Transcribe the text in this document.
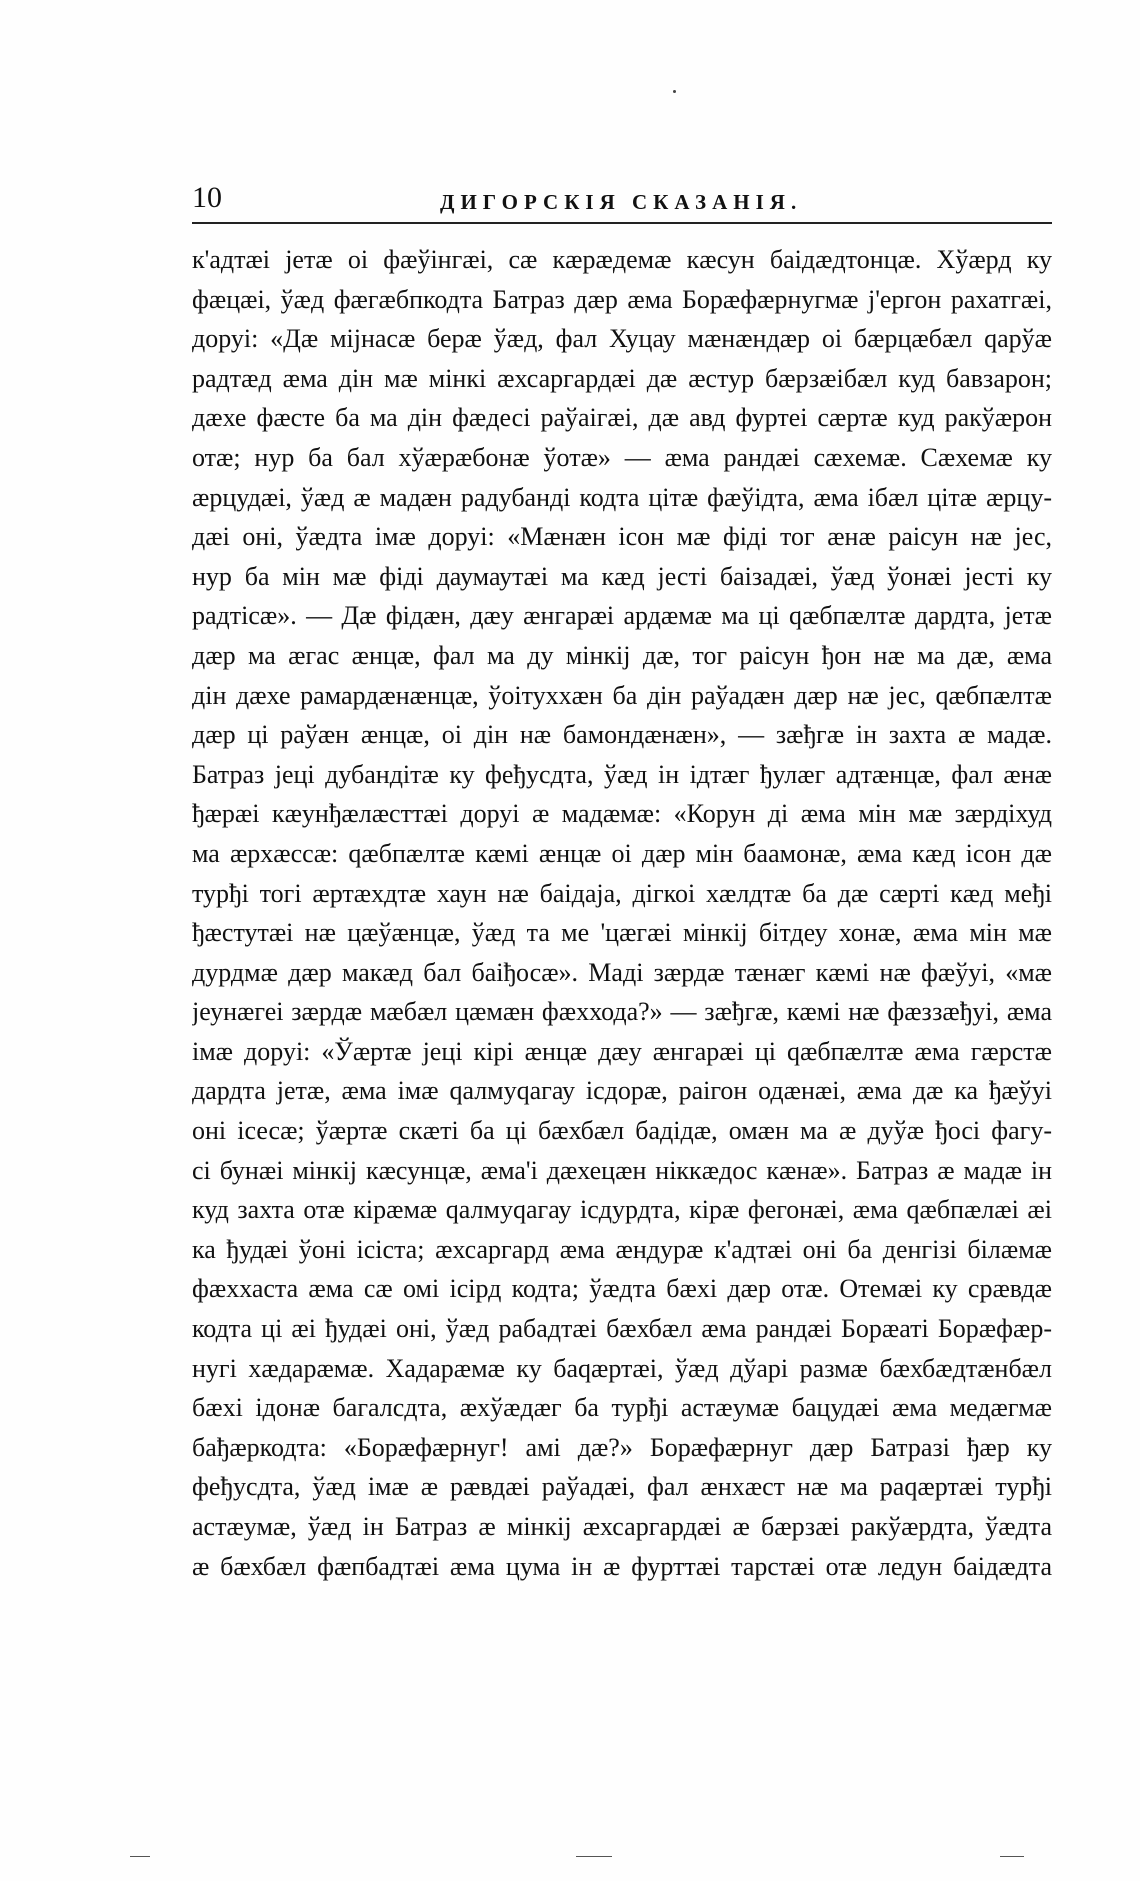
10	ДИГОРСКІЯ СКАЗАНІЯ.
к'адтæі јетæ оі фæўінгæі, сæ кæрæдемæ кæсун баідæдтонцæ. Хўæрд ку
фæцæі, ўæд фæгæбпкодта Батраз дæр æма Борæфæрнугмæ ј'ергон рахатгæі,
доруі: «Дæ міјнасæ берæ ўæд, фал Хуцау мæнæндæр оі бæрцæбæл qарўæ
радтæд æма дін мæ мінкі æхсаргардæі дæ æстур бæрзæібæл куд бавзарон;
дæхе фæсте ба ма дін фæдесі раўаігæі, дæ авд фуртеі сæртæ куд ракўæрон
отæ; нур ба бал хўæрæбонæ ўотæ» — æма рандæі сæхемæ. Сæхемæ ку
æрцудæі, ўæд æ мадæн радубанді кодта цітæ фæўідта, æма ібæл цітæ æрцу-
дæі оні, ўæдта імæ доруі: «Мæнæн ісон мæ фіді тог æнæ раісун нæ јес,
нур ба мін мæ фіді даумаутæі ма кæд јесті баізадæі, ўæд ўонæі јесті ку
радтісæ». — Дæ фідæн, дæу æнгарæі ардæмæ ма ці qæбпæлтæ дардта, јетæ
дæр ма æгас æнцæ, фал ма ду мінкіј дæ, тог раісун ђон нæ ма дæ, æма
дін дæхе рамардæнæнцæ, ўоітуххæн ба дін раўадæн дæр нæ јес, qæбпæлтæ
дæр ці раўæн æнцæ, оі дін нæ бамондæнæн», — зæђгæ ін захта æ мадæ.
Батраз јеці дубандітæ ку феђусдта, ўæд ін ідтæг ђулæг адтæнцæ, фал æнæ
ђæрæі кæунђæлæсттæі доруі æ мадæмæ: «Корун ді æма мін мæ зæрдіхуд
ма æрхæссæ: qæбпæлтæ кæмі æнцæ оі дæр мін баамонæ, æма кæд ісон дæ
турђі тогі æртæхдтæ хаун нæ баідаја, дігкоі хæлдтæ ба дæ сæрті кæд међі
ђæстутæі нæ цæўæнцæ, ўæд та ме 'цæгæі мінкіј бітдеу хонæ, æма мін мæ
дурдмæ дæр макæд бал баіђосæ». Маді зæрдæ тæнæг кæмі нæ фæўуі, «мæ
јеунæгеі зæрдæ мæбæл цæмæн фæххода?» — зæђгæ, кæмі нæ фæззæђуі, æма
імæ доруі: «Ўæртæ јеці кірі æнцæ дæу æнгарæі ці qæбпæлтæ æма гæрстæ
дардта јетæ, æма імæ qалмуqагау ісдорæ, раігон одæнæі, æма дæ ка ђæўуі
оні ісесæ; ўæртæ скæті ба ці бæхбæл бадідæ, омæн ма æ дуўæ ђосі фагу-
сі бунæі мінкіј кæсунцæ, æма'і дæхецæн ніккæдос кæнæ». Батраз æ мадæ ін
куд захта отæ кірæмæ qалмуqагау ісдурдта, кірæ фегонæі, æма qæбпæлæі æі
ка ђудæі ўоні ісіста; æхсаргард æма æндурæ к'адтæі оні ба денгізі білæмæ
фæххаста æма сæ омі ісірд кодта; ўæдта бæхі дæр отæ. Отемæі ку срæвдæ
кодта ці æі ђудæі оні, ўæд рабадтæі бæхбæл æма рандæі Борæаті Борæфæр-
нугі хæдарæмæ. Хадарæмæ ку баqæртæі, ўæд дўарі размæ бæхбæдтæнбæл
бæхі ідонæ багалсдта, æхўæдæг ба турђі астæумæ бацудæі æма медæгмæ
бађæркодта: «Борæфæрнуг! амі дæ?» Борæфæрнуг дæр Батразі ђæр ку
феђусдта, ўæд імæ æ рæвдæі раўадæі, фал æнхæст нæ ма раqæртæі турђі
астæумæ, ўæд ін Батраз æ мінкіј æхсаргардæі æ бæрзæі ракўæрдта, ўæдта
æ бæхбæл фæпбадтæі æма цума ін æ фурттæі тарстæі отæ ледун баідæдта
